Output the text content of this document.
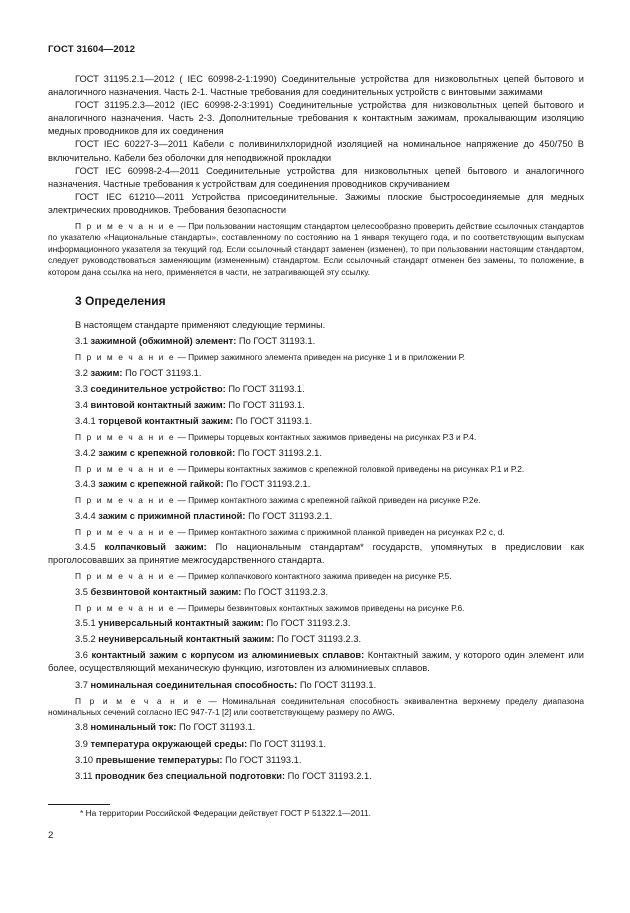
ГОСТ 31604—2012

ГОСТ 31195.2.1—2012 ( IEC 60998-2-1:1990) Соединительные устройства для низковольтных цепей бытового и аналогичного назначения. Часть 2-1. Частные требования для соединительных устройств с винтовыми зажимами

ГОСТ 31195.2.3—2012 (IEC 60998-2-3:1991) Соединительные устройства для низковольтных цепей бытового и аналогичного назначения. Часть 2-3. Дополнительные требования к контактным зажимам, прокалывающим изоляцию медных проводников для их соединения

ГОСТ IEC 60227-3—2011 Кабели с поливинилхлоридной изоляцией на номинальное напряжение до 450/750 В включительно. Кабели без оболочки для неподвижной прокладки

ГОСТ IEC 60998-2-4—2011 Соединительные устройства для низковольтных цепей бытового и аналогичного назначения. Частные требования к устройствам для соединения проводников скручиванием

ГОСТ IEC 61210—2011 Устройства присоединительные. Зажимы плоские быстросоединяемые для медных электрических проводников. Требования безопасности

П р и м е ч а н и е — При пользовании настоящим стандартом целесообразно проверить действие ссылочных стандартов по указателю «Национальные стандарты», составленному по состоянию на 1 января текущего года, и по соответствующим выпускам информационного указателя за текущий год. Если ссылочный стандарт заменен (изменен), то при пользовании настоящим стандартом, следует руководствоваться заменяющим (измененным) стандартом. Если ссылочный стандарт отменен без замены, то положение, в котором дана ссылка на него, применяется в части, не затрагивающей эту ссылку.

3 Определения

В настоящем стандарте применяют следующие термины.

3.1 зажимной (обжимной) элемент: По ГОСТ 31193.1.

П р и м е ч а н и е — Пример зажимного элемента приведен на рисунке 1 и в приложении Р.

3.2 зажим: По ГОСТ 31193.1.

3.3 соединительное устройство: По ГОСТ 31193.1.

3.4 винтовой контактный зажим: По ГОСТ 31193.1.

3.4.1 торцевой контактный зажим: По ГОСТ 31193.1.

П р и м е ч а н и е — Примеры торцевых контактных зажимов приведены на рисунках Р.3 и Р.4.

3.4.2 зажим с крепежной головкой: По ГОСТ 31193.2.1.

П р и м е ч а н и е — Примеры контактных зажимов с крепежной головкой приведены на рисунках Р.1 и Р.2.

3.4.3 зажим с крепежной гайкой: По ГОСТ 31193.2.1.

П р и м е ч а н и е — Пример контактного зажима с крепежной гайкой приведен на рисунке Р.2е.

3.4.4 зажим с прижимной пластиной: По ГОСТ 31193.2.1.

П р и м е ч а н и е — Пример контактного зажима с прижимной планкой приведен на рисунках Р.2 с, d.

3.4.5 колпачковый зажим: По национальным стандартам* государств, упомянутых в предисловии как проголосовавших за принятие межгосударственного стандарта.

П р и м е ч а н и е — Пример колпачкового контактного зажима приведен на рисунке Р.5.

3.5 безвинтовой контактный зажим: По ГОСТ 31193.2.3.

П р и м е ч а н и е — Примеры безвинтовых контактных зажимов приведены на рисунке Р.6.

3.5.1 универсальный контактный зажим: По ГОСТ 31193.2.3.

3.5.2 неуниверсальный контактный зажим: По ГОСТ 31193.2.3.

3.6 контактный зажим с корпусом из алюминиевых сплавов: Контактный зажим, у которого один элемент или более, осуществляющий механическую функцию, изготовлен из алюминиевых сплавов.

3.7 номинальная соединительная способность: По ГОСТ 31193.1.

П р и м е ч а н и е — Номинальная соединительная способность эквивалентна верхнему пределу диапазона номинальных сечений согласно IEC 947-7-1 [2] или соответствующему размеру по AWG.

3.8 номинальный ток: По ГОСТ 31193.1.

3.9 температура окружающей среды: По ГОСТ 31193.1.

3.10 превышение температуры: По ГОСТ 31193.1.

3.11 проводник без специальной подготовки: По ГОСТ 31193.2.1.

* На территории Российской Федерации действует ГОСТ Р 51322.1—2011.
2
